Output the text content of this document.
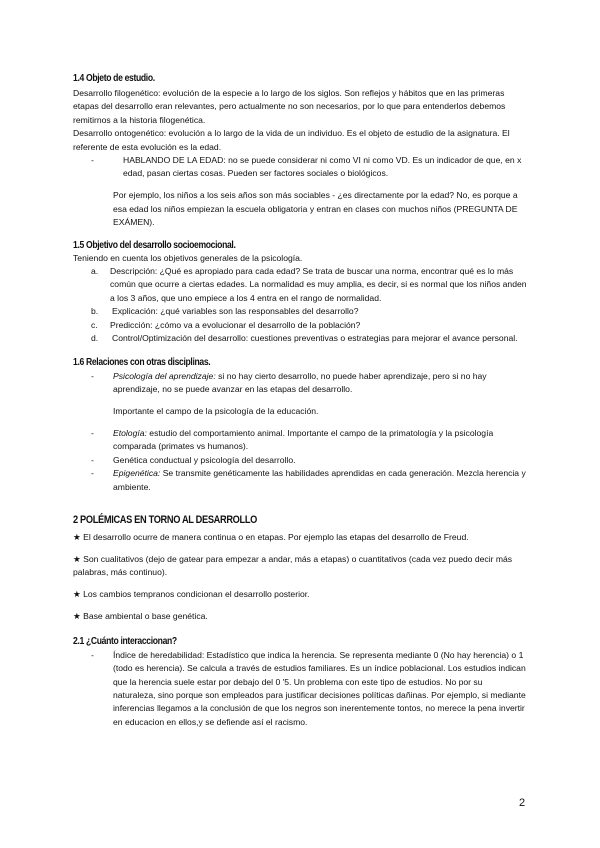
1.4 Objeto de estudio.

Desarrollo filogenético: evolución de la especie a lo largo de los siglos. Son reflejos y hábitos que en las primeras etapas del desarrollo eran relevantes, pero actualmente no son necesarios, por lo que para entenderlos debemos remitirnos a la historia filogenética.

Desarrollo ontogenético: evolución a lo largo de la vida de un individuo. Es el objeto de estudio de la asignatura. El referente de esta evolución es la edad.

-	HABLANDO DE LA EDAD: no se puede considerar ni como VI ni como VD. Es un indicador de que, en x edad, pasan ciertas cosas. Pueden ser factores sociales o biológicos.

Por ejemplo, los niños a los seis años son más sociables - ¿es directamente por la edad? No, es porque a esa edad los niños empiezan la escuela obligatoria y entran en clases con muchos niños (PREGUNTA DE EXÁMEN).

1.5 Objetivo del desarrollo socioemocional.

Teniendo en cuenta los objetivos generales de la psicología.

a.	Descripción: ¿Qué es apropiado para cada edad? Se trata de buscar una norma, encontrar qué es lo más común que ocurre a ciertas edades. La normalidad es muy amplia, es decir, si es normal que los niños anden a los 3 años, que uno empiece a los 4 entra en el rango de normalidad.
b.	Explicación: ¿qué variables son las responsables del desarrollo?
c.	Predicción: ¿cómo va a evolucionar el desarrollo de la población?
d.	Control/Optimización del desarrollo: cuestiones preventivas o estrategias para mejorar el avance personal.

1.6 Relaciones con otras disciplinas.

-	Psicología del aprendizaje: si no hay cierto desarrollo, no puede haber aprendizaje, pero si no hay aprendizaje, no se puede avanzar en las etapas del desarrollo.

Importante el campo de la psicología de la educación.

-	Etología: estudio del comportamiento animal. Importante el campo de la primatología y la psicología comparada (primates vs humanos).
-	Genética conductual y psicología del desarrollo.
-	Epigenética: Se transmite genéticamente las habilidades aprendidas en cada generación. Mezcla herencia y ambiente.

2 POLÉMICAS EN TORNO AL DESARROLLO

★ El desarrollo ocurre de manera continua o en etapas. Por ejemplo las etapas del desarrollo de Freud.

★ Son cualitativos (dejo de gatear para empezar a andar, más a etapas) o cuantitativos (cada vez puedo decir más palabras, más continuo).

★ Los cambios tempranos condicionan el desarrollo posterior.

★ Base ambiental o base genética.

2.1 ¿Cuánto interaccionan?

-	Índice de heredabilidad: Estadístico que indica la herencia. Se representa mediante 0 (No hay herencia) o 1 (todo es herencia). Se calcula a través de estudios familiares. Es un índice poblacional. Los estudios indican que la herencia suele estar por debajo del 0 '5. Un problema con este tipo de estudios. No por su naturaleza, sino porque son empleados para justificar decisiones políticas dañinas. Por ejemplo, si mediante inferencias llegamos a la conclusión de que los negros son inerentemente tontos, no merece la pena invertir en educacion en ellos,y se defiende así el racismo.
2
